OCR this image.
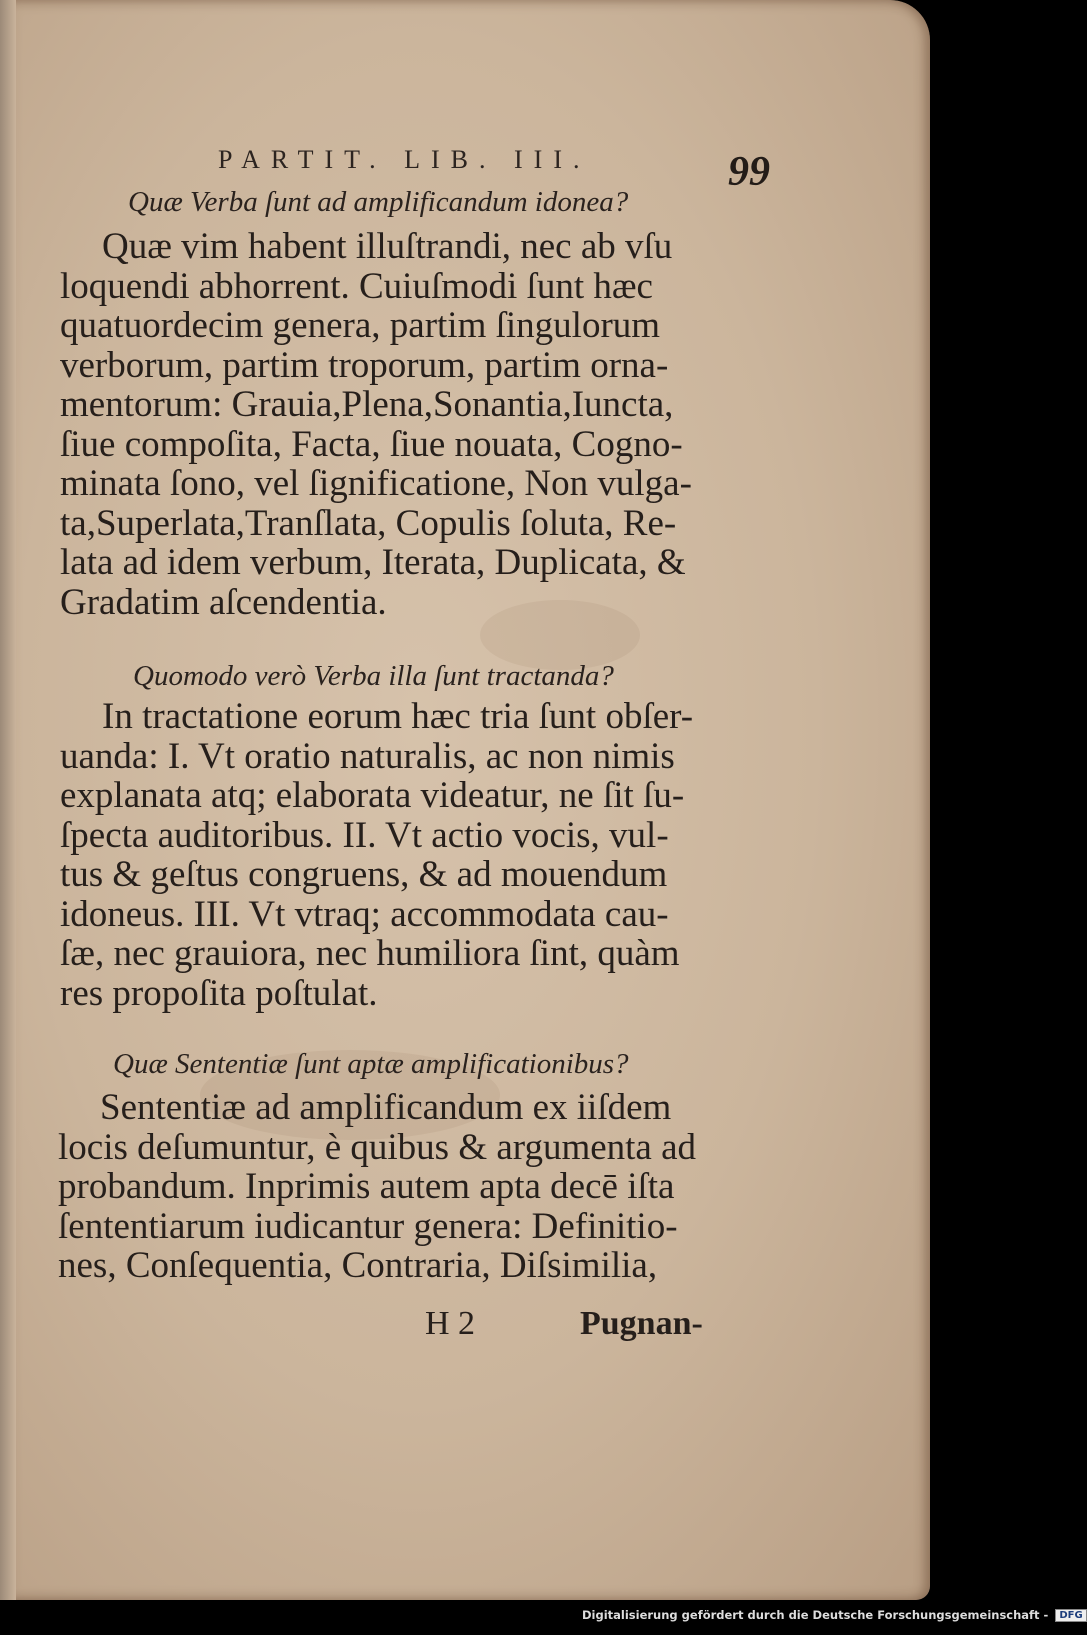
PARTIT. LIB. III.	99
Quæ Verba ſunt ad amplificandum idonea?
Quæ vim habent illuſtrandi, nec ab vſu
loquendi abhorrent. Cuiuſmodi ſunt hæc
quatuordecim genera, partim ſingulorum
verborum, partim troporum, partim orna-
mentorum: Grauia,Plena,Sonantia,Iuncta,
ſiue compoſita, Facta, ſiue nouata, Cogno-
minata ſono, vel ſignificatione, Non vulga-
ta,Superlata,Tranſlata, Copulis ſoluta, Re-
lata ad idem verbum, Iterata, Duplicata, &
Gradatim aſcendentia.
Quomodo verò Verba illa ſunt tractanda?
In tractatione eorum hæc tria ſunt obſer-
uanda: I. Vt oratio naturalis, ac non nimis
explanata atq; elaborata videatur, ne ſit ſu-
ſpecta auditoribus. II. Vt actio vocis, vul-
tus & geſtus congruens, & ad mouendum
idoneus. III. Vt vtraq; accommodata cau-
ſæ, nec grauiora, nec humiliora ſint, quàm
res propoſita poſtulat.
Quæ Sententiæ ſunt aptæ amplificationibus?
Sententiæ ad amplificandum ex iiſdem
locis deſumuntur, è quibus & argumenta ad
probandum. Inprimis autem apta decē iſta
ſententiarum iudicantur genera: Definitio-
nes, Conſequentia, Contraria, Diſsimilia,
H 2	Pugnan-
Digitalisierung gefördert durch die Deutsche Forschungsgemeinschaft - DFG
